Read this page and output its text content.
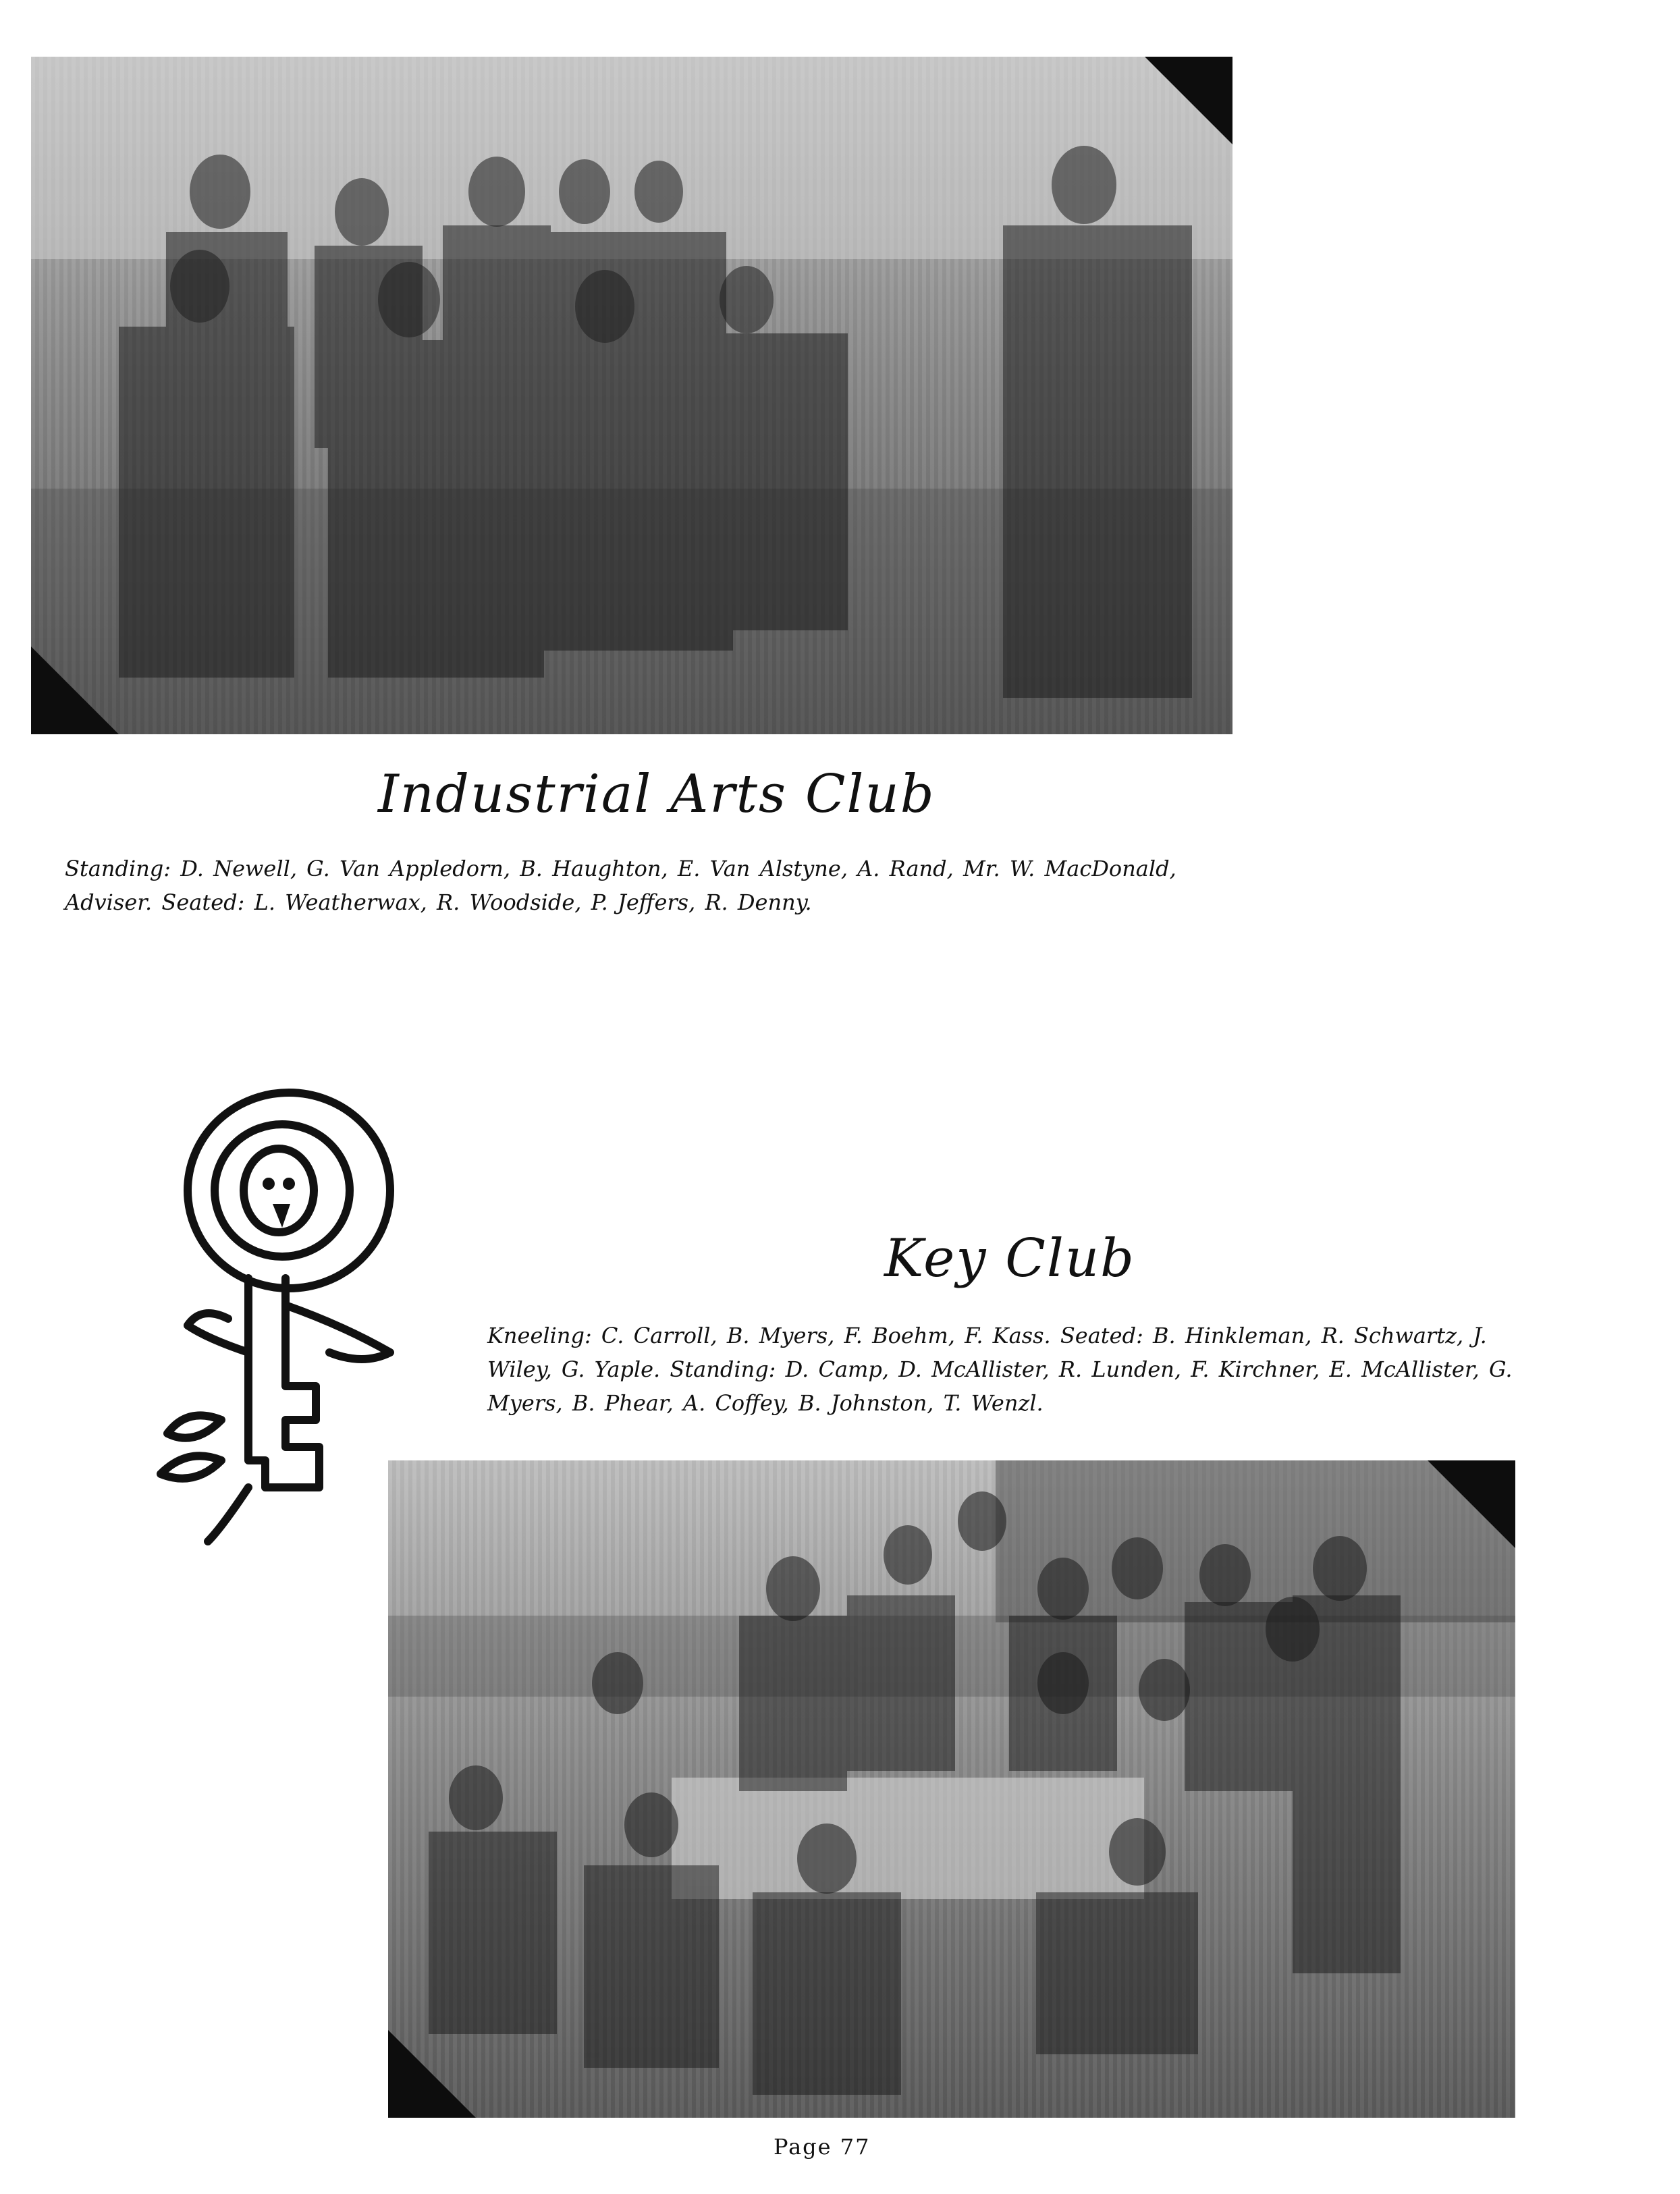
Industrial Arts Club
Standing: D. Newell, G. Van Appledorn, B. Haughton, E. Van Alstyne, A. Rand, Mr. W. MacDonald, Adviser. Seated: L. Weatherwax, R. Woodside, P. Jeffers, R. Denny.
Key Club
Kneeling: C. Carroll, B. Myers, F. Boehm, F. Kass. Seated: B. Hinkleman, R. Schwartz, J. Wiley, G. Yaple. Standing: D. Camp, D. McAllister, R. Lunden, F. Kirchner, E. McAllister, G. Myers, B. Phear, A. Coffey, B. Johnston, T. Wenzl.
Page 77
